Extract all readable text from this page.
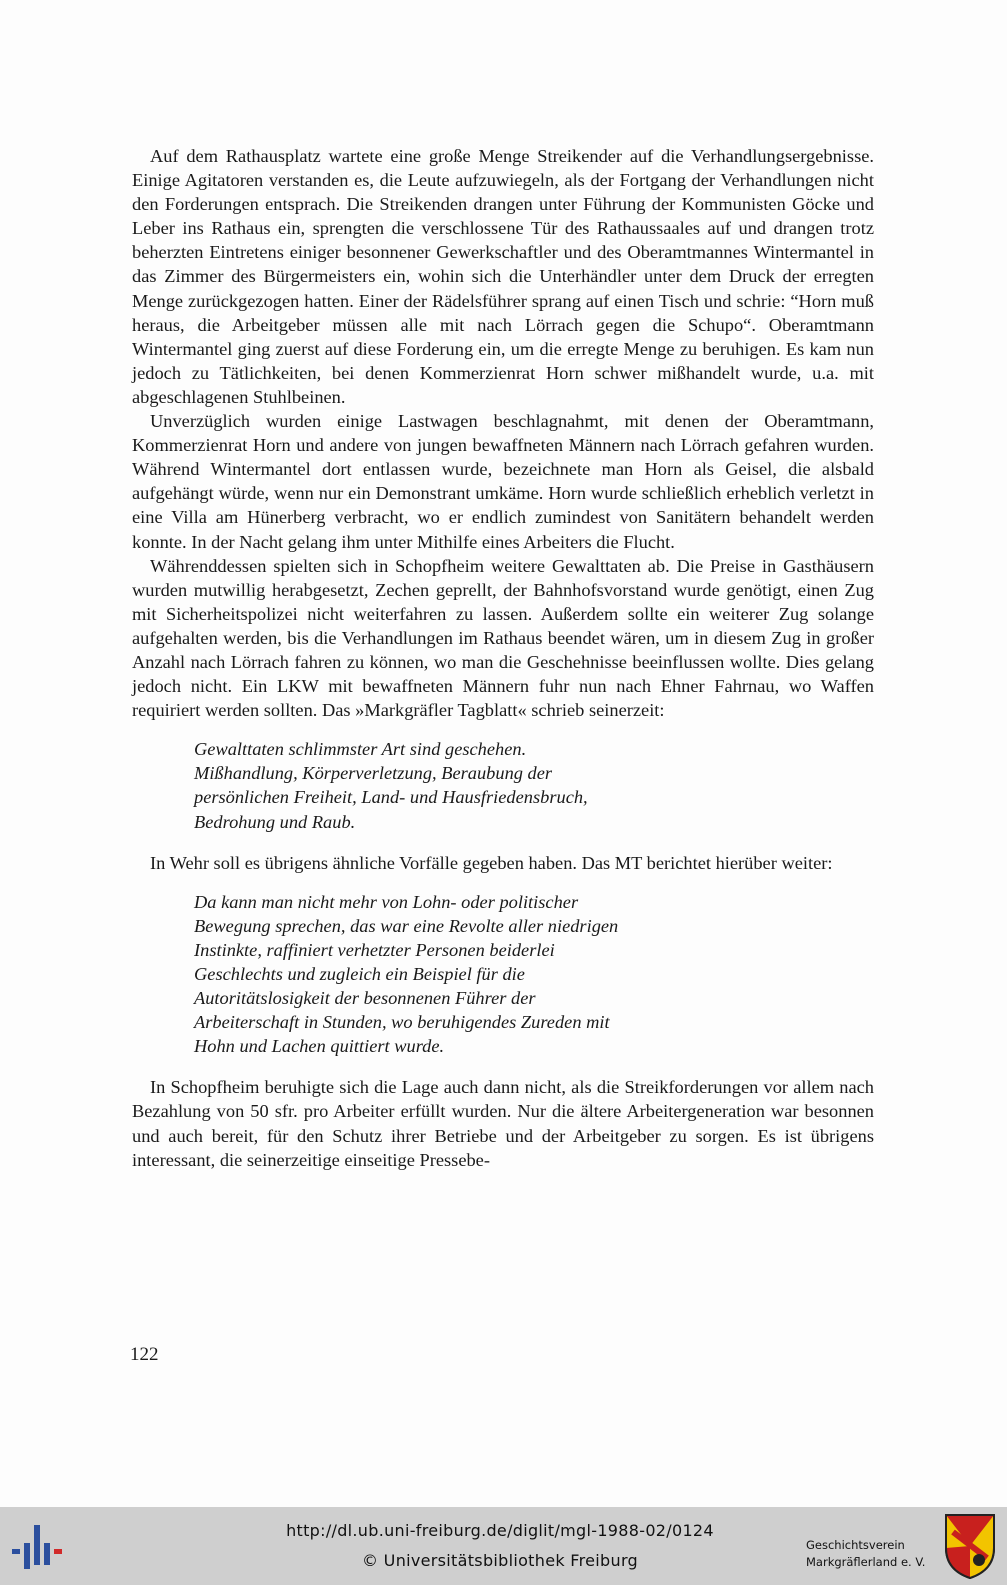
Auf dem Rathausplatz wartete eine große Menge Streikender auf die Verhandlungsergebnisse. Einige Agitatoren verstanden es, die Leute aufzuwiegeln, als der Fortgang der Verhandlungen nicht den Forderungen entsprach. Die Streikenden drangen unter Führung der Kommunisten Göcke und Leber ins Rathaus ein, sprengten die verschlossene Tür des Rathaussaales auf und drangen trotz beherzten Eintretens einiger besonnener Gewerkschaftler und des Oberamtmannes Wintermantel in das Zimmer des Bürgermeisters ein, wohin sich die Unterhändler unter dem Druck der erregten Menge zurückgezogen hatten. Einer der Rädelsführer sprang auf einen Tisch und schrie: “Horn muß heraus, die Arbeitgeber müssen alle mit nach Lörrach gegen die Schupo“. Oberamtmann Wintermantel ging zuerst auf diese Forderung ein, um die erregte Menge zu beruhigen. Es kam nun jedoch zu Tätlichkeiten, bei denen Kommerzienrat Horn schwer mißhandelt wurde, u.a. mit abgeschlagenen Stuhlbeinen.

Unverzüglich wurden einige Lastwagen beschlagnahmt, mit denen der Oberamtmann, Kommerzienrat Horn und andere von jungen bewaffneten Männern nach Lörrach gefahren wurden. Während Wintermantel dort entlassen wurde, bezeichnete man Horn als Geisel, die alsbald aufgehängt würde, wenn nur ein Demonstrant umkäme. Horn wurde schließlich erheblich verletzt in eine Villa am Hünerberg verbracht, wo er endlich zumindest von Sanitätern behandelt werden konnte. In der Nacht gelang ihm unter Mithilfe eines Arbeiters die Flucht.

Währenddessen spielten sich in Schopfheim weitere Gewalttaten ab. Die Preise in Gasthäusern wurden mutwillig herabgesetzt, Zechen geprellt, der Bahnhofsvorstand wurde genötigt, einen Zug mit Sicherheitspolizei nicht weiterfahren zu lassen. Außerdem sollte ein weiterer Zug solange aufgehalten werden, bis die Verhandlungen im Rathaus beendet wären, um in diesem Zug in großer Anzahl nach Lörrach fahren zu können, wo man die Geschehnisse beeinflussen wollte. Dies gelang jedoch nicht. Ein LKW mit bewaffneten Männern fuhr nun nach Ehner Fahrnau, wo Waffen requiriert werden sollten. Das »Markgräfler Tagblatt« schrieb seinerzeit:

Gewalttaten schlimmster Art sind geschehen. Mißhandlung, Körperverletzung, Beraubung der persönlichen Freiheit, Land- und Hausfriedensbruch, Bedrohung und Raub.

In Wehr soll es übrigens ähnliche Vorfälle gegeben haben. Das MT berichtet hierüber weiter:

Da kann man nicht mehr von Lohn- oder politischer Bewegung sprechen, das war eine Revolte aller niedrigen Instinkte, raffiniert verhetzter Personen beiderlei Geschlechts und zugleich ein Beispiel für die Autoritätslosigkeit der besonnenen Führer der Arbeiterschaft in Stunden, wo beruhigendes Zureden mit Hohn und Lachen quittiert wurde.

In Schopfheim beruhigte sich die Lage auch dann nicht, als die Streikforderungen vor allem nach Bezahlung von 50 sfr. pro Arbeiter erfüllt wurden. Nur die ältere Arbeitergeneration war besonnen und auch bereit, für den Schutz ihrer Betriebe und der Arbeitgeber zu sorgen. Es ist übrigens interessant, die seinerzeitige einseitige Pressebe-

122
http://dl.ub.uni-freiburg.de/diglit/mgl-1988-02/0124
© Universitätsbibliothek Freiburg
Geschichtsverein
Markgräflerland e. V.
